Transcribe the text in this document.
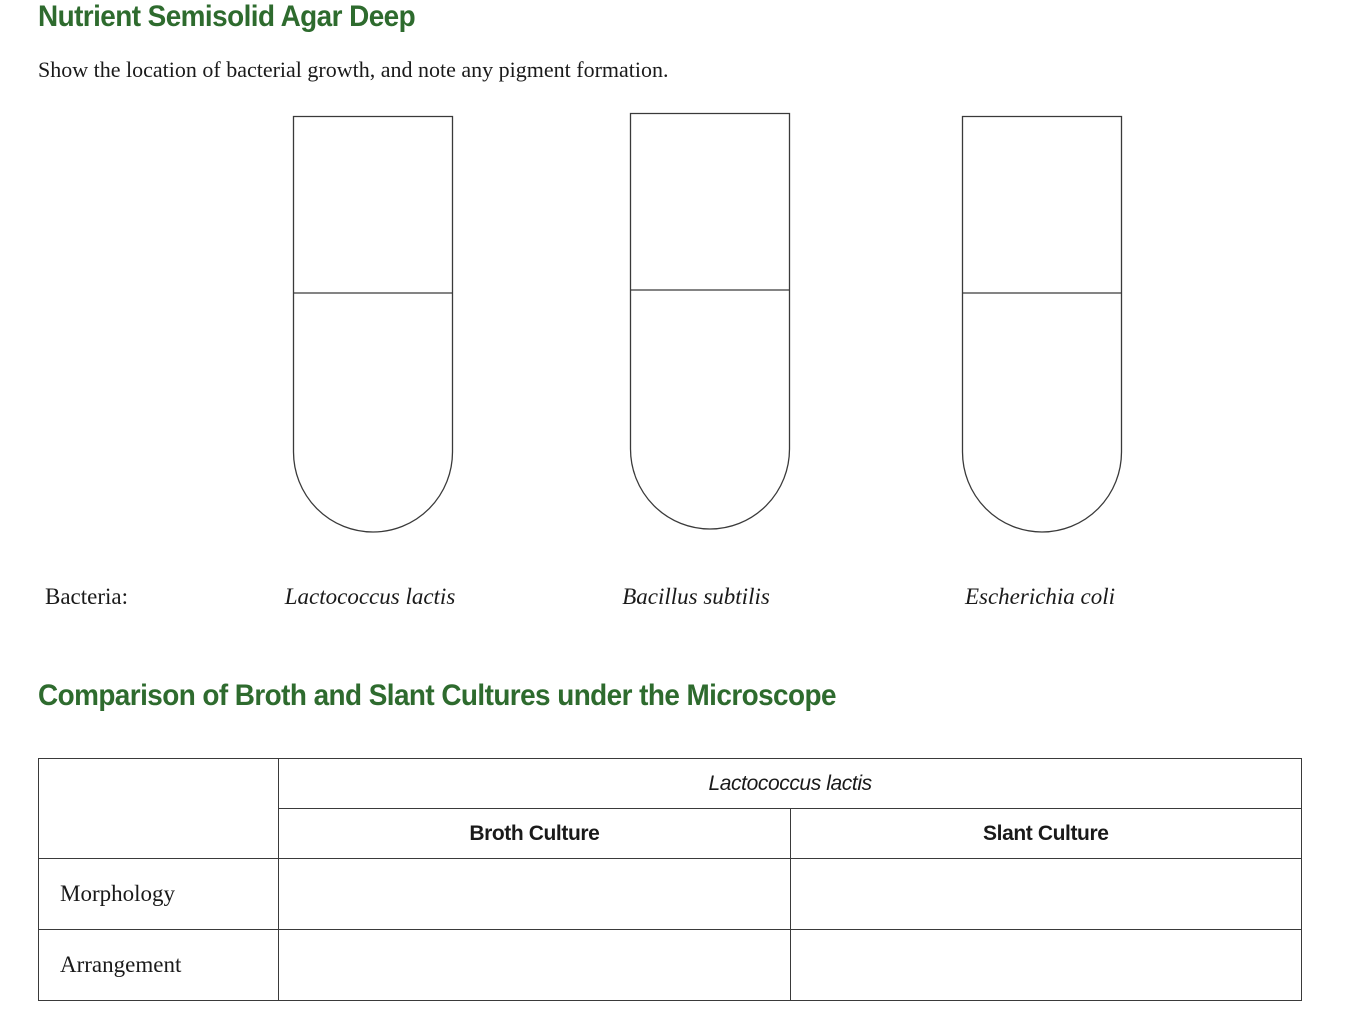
Nutrient Semisolid Agar Deep
Show the location of bacterial growth, and note any pigment formation.
Bacteria:	Lactococcus lactis	Bacillus subtilis	Escherichia coli
Comparison of Broth and Slant Cultures under the Microscope
	Lactococcus lactis	
	Broth Culture	Slant Culture
Morphology		
Arrangement		
